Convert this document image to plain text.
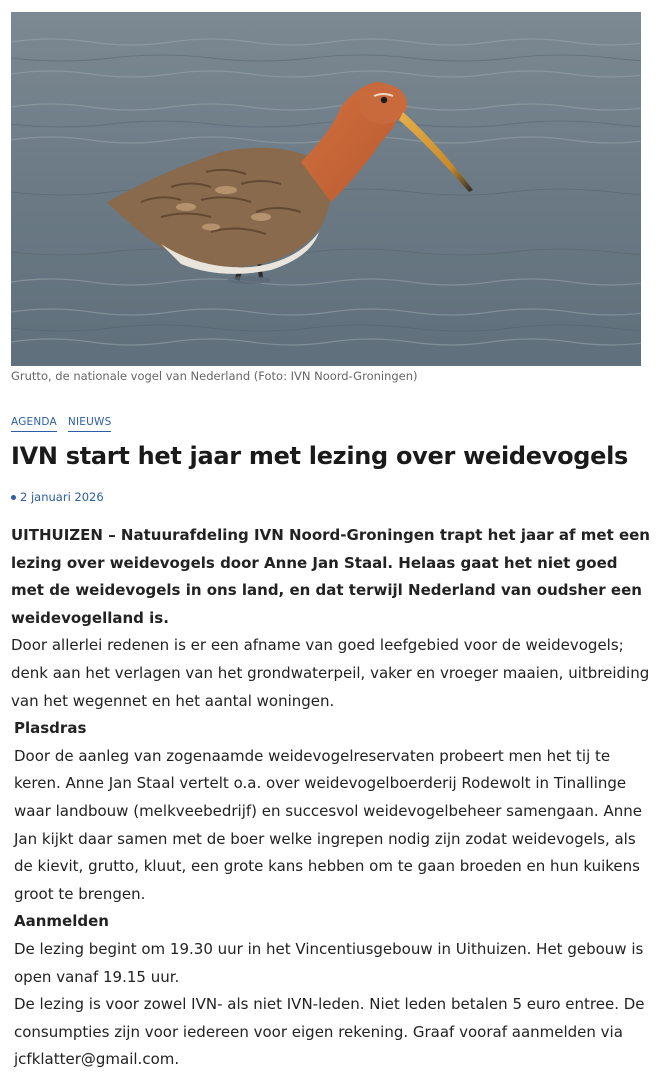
Grutto, de nationale vogel van Nederland (Foto: IVN Noord-Groningen)
AGENDA NIEUWS
IVN start het jaar met lezing over weidevogels
2 januari 2026

UITHUIZEN – Natuurafdeling IVN Noord-Groningen trapt het jaar af met een lezing over weidevogels door Anne Jan Staal. Helaas gaat het niet goed met de weidevogels in ons land, en dat terwijl Nederland van oudsher een weidevogelland is.

Door allerlei redenen is er een afname van goed leefgebied voor de weidevogels; denk aan het verlagen van het grondwaterpeil, vaker en vroeger maaien, uitbreiding van het wegennet en het aantal woningen.

Plasdras

Door de aanleg van zogenaamde weidevogelreservaten probeert men het tij te keren. Anne Jan Staal vertelt o.a. over weidevogelboerderij Rodewolt in Tinallinge waar landbouw (melkveebedrijf) en succesvol weidevogelbeheer samengaan. Anne Jan kijkt daar samen met de boer welke ingrepen nodig zijn zodat weidevogels, als de kievit, grutto, kluut, een grote kans hebben om te gaan broeden en hun kuikens groot te brengen.

Aanmelden

De lezing begint om 19.30 uur in het Vincentiusgebouw in Uithuizen. Het gebouw is open vanaf 19.15 uur.

De lezing is voor zowel IVN- als niet IVN-leden. Niet leden betalen 5 euro entree. De consumpties zijn voor iedereen voor eigen rekening. Graaf vooraf aanmelden via jcfklatter@gmail.com.
